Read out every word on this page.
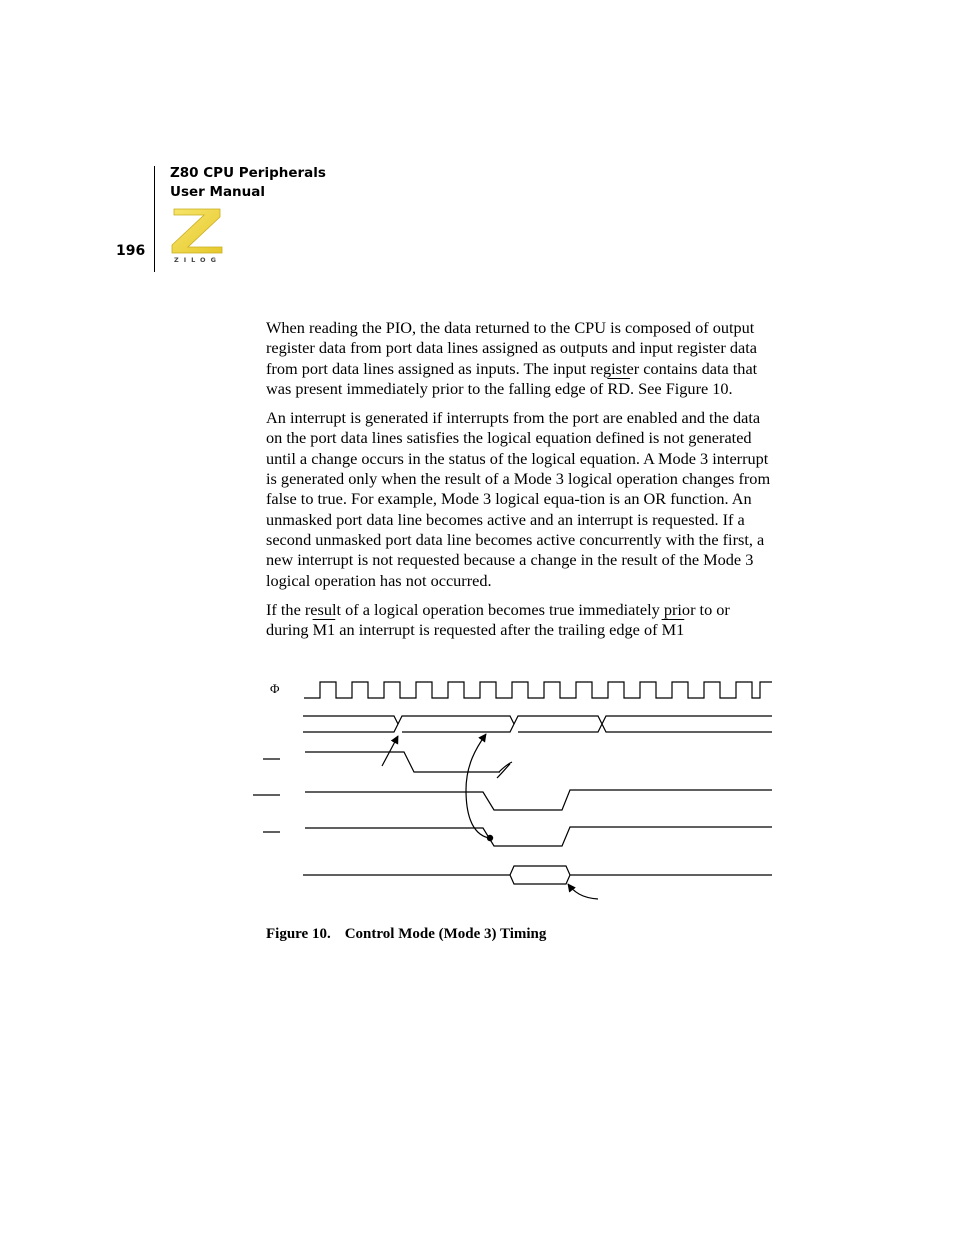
196
Z80 CPU Peripherals
User Manual
ZILOG

When reading the PIO, the data returned to the CPU is composed of output register data from port data lines assigned as outputs and input register data from port data lines assigned as inputs. The input register contains data that was present immediately prior to the falling edge of $\overline{RD}$. See Figure 10.

An interrupt is generated if interrupts from the port are enabled and the data on the port data lines satisfies the logical equation defined is not generated until a change occurs in the status of the logical equation. A Mode 3 interrupt is generated only when the result of a Mode 3 logical operation changes from false to true. For example, Mode 3 logical equa-tion is an OR function. An unmasked port data line becomes active and an interrupt is requested. If a second unmasked port data line becomes active concurrently with the first, a new interrupt is not requested because a change in the result of the Mode 3 logical operation has not occurred.

If the result of a logical operation becomes true immediately prior to or during M1 an interrupt is requested after the trailing edge of M1

Φ
Figure 10. Control Mode (Mode 3) Timing
